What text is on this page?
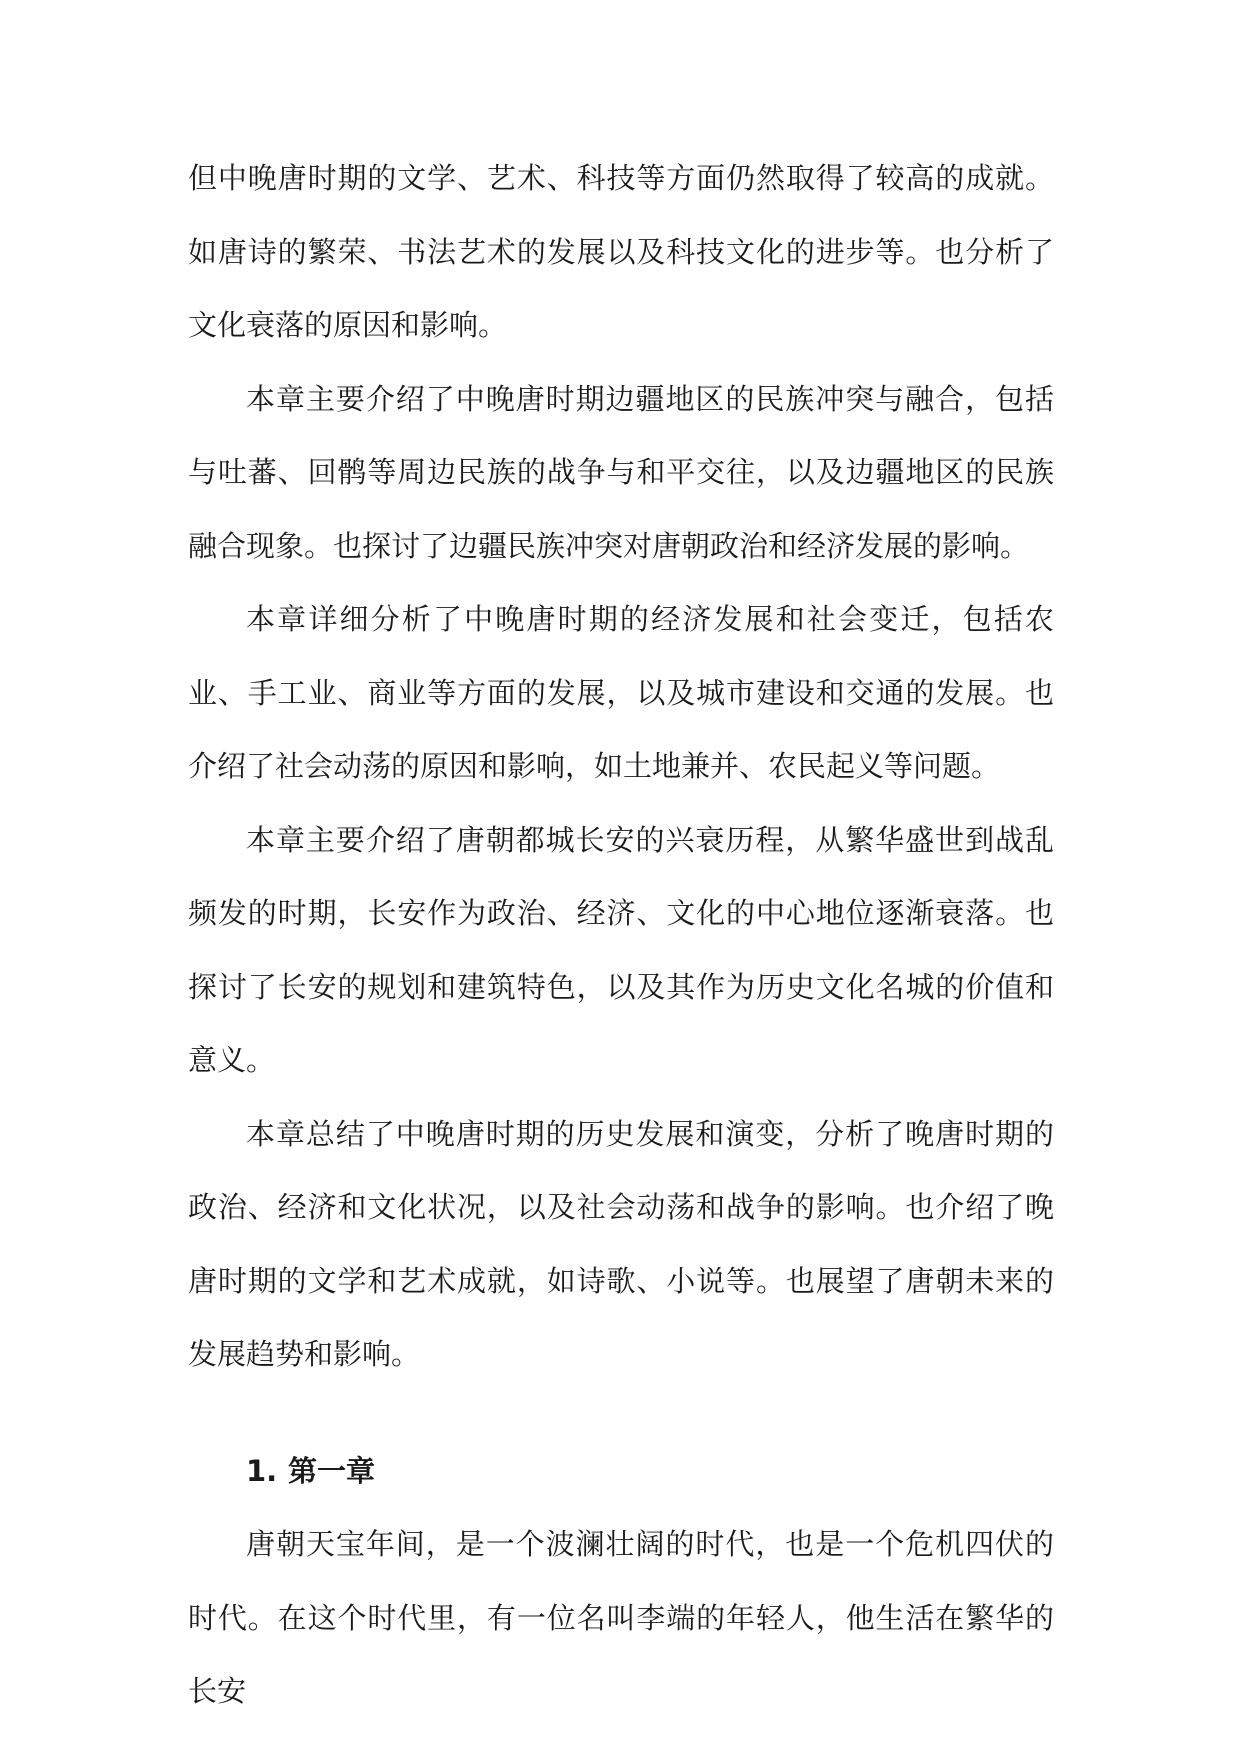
但中晚唐时期的文学、艺术、科技等方面仍然取得了较高的成就。如唐诗的繁荣、书法艺术的发展以及科技文化的进步等。也分析了文化衰落的原因和影响。

本章主要介绍了中晚唐时期边疆地区的民族冲突与融合，包括与吐蕃、回鹘等周边民族的战争与和平交往，以及边疆地区的民族融合现象。也探讨了边疆民族冲突对唐朝政治和经济发展的影响。

本章详细分析了中晚唐时期的经济发展和社会变迁，包括农业、手工业、商业等方面的发展，以及城市建设和交通的发展。也介绍了社会动荡的原因和影响，如土地兼并、农民起义等问题。

本章主要介绍了唐朝都城长安的兴衰历程，从繁华盛世到战乱频发的时期，长安作为政治、经济、文化的中心地位逐渐衰落。也探讨了长安的规划和建筑特色，以及其作为历史文化名城的价值和意义。

本章总结了中晚唐时期的历史发展和演变，分析了晚唐时期的政治、经济和文化状况，以及社会动荡和战争的影响。也介绍了晚唐时期的文学和艺术成就，如诗歌、小说等。也展望了唐朝未来的发展趋势和影响。

1. 第一章

唐朝天宝年间，是一个波澜壮阔的时代，也是一个危机四伏的时代。在这个时代里，有一位名叫李端的年轻人，他生活在繁华的长安
